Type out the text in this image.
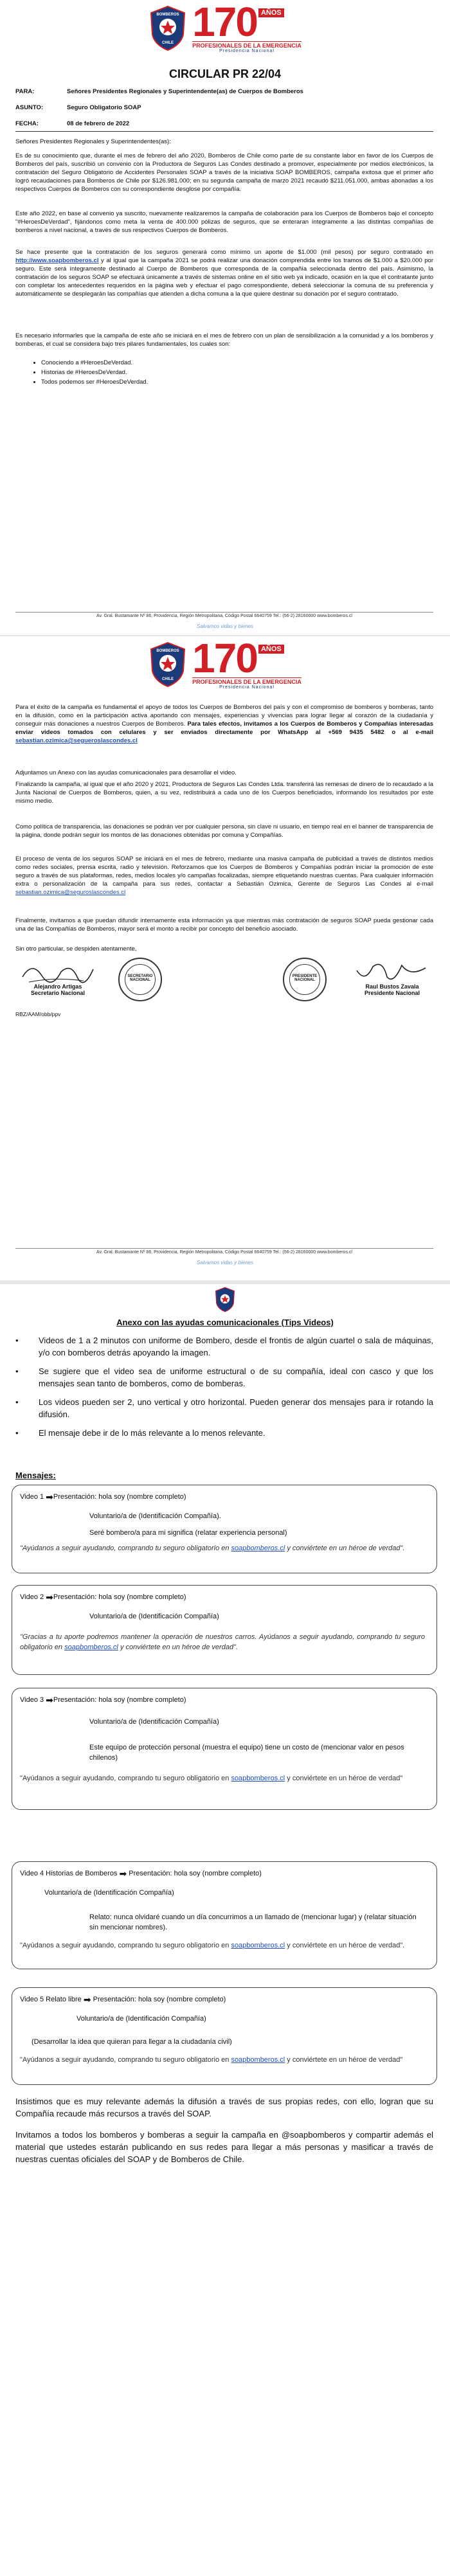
BOMBEROS
CHILE 170 $^{AÑOS}$
PROFESIONALES DE LA EMERGENCIA
Presidencia Nacional
CIRCULAR PR 22/04
PARA:	Señores Presidentes Regionales y Superintendente(as) de Cuerpos de Bomberos
ASUNTO:	Seguro Obligatorio SOAP
FECHA:	08 de febrero de 2022
Señores Presidentes Regionales y Superintendentes(as):
Es de su conocimiento que, durante el mes de febrero del año 2020, Bomberos de Chile como parte de su constante labor en favor de los Cuerpos de Bomberos del país, suscribió un convenio con la Productora de Seguros Las Condes destinado a promover, especialmente por medios electrónicos, la contratación del Seguro Obligatorio de Accidentes Personales SOAP a través de la iniciativa SOAP BOMBEROS, campaña exitosa que el primer año logró recaudaciones para Bomberos de Chile por $126.981.000; en su segunda campaña de marzo 2021 recaudó $211.051.000, ambas abonadas a los respectivos Cuerpos de Bomberos con su correspondiente desglose por compañía.
Este año 2022, en base al convenio ya suscrito, nuevamente realizaremos la campaña de colaboración para los Cuerpos de Bomberos bajo el concepto "#HeroesDeVerdad", fijándonos como meta la venta de 400.000 pólizas de seguros, que se enteraran íntegramente a las distintas compañías de bomberos a nivel nacional, a través de sus respectivos Cuerpos de Bomberos.
Se hace presente que la contratación de los seguros generará como mínimo un aporte de $1.000 (mil pesos) por seguro contratado en http://www.soapbomberos.cl y al igual que la campaña 2021 se podrá realizar una donación comprendida entre los tramos de $1.000 a $20.000 por seguro. Este será íntegramente destinado al Cuerpo de Bomberos que corresponda de la compañía seleccionada dentro del país. Asimismo, la contratación de los seguros SOAP se efectuará únicamente a través de sistemas online en el sitio web ya indicado, ocasión en la que el contratante junto con completar los antecedentes requeridos en la página web y efectuar el pago correspondiente, deberá seleccionar la comuna de su preferencia y automáticamente se desplegarán las compañías que atienden a dicha comuna a la que quiere destinar su donación por el seguro contratado.
Es necesario informarles que la campaña de este año se iniciará en el mes de febrero con un plan de sensibilización a la comunidad y a los bomberos y bomberas, el cual se considera bajo tres pilares fundamentales, los cuales son:
• Conociendo a #HeroesDeVerdad.
• Historias de #HeroesDeVerdad.
• Todos podemos ser #HeroesDeVerdad.
Av. Gral. Bustamante Nº 86, Providencia, Región Metropolitana, Código Postal 6640759 Tel.: (56-2) 28160000 www.bomberos.cl
Salvamos vidas y bienes
BOMBEROS
CHILE 170 $^{AÑOS}$
PROFESIONALES DE LA EMERGENCIA
Presidencia Nacional
Para el éxito de la campaña es fundamental el apoyo de todos los Cuerpos de Bomberos del país y con el compromiso de bomberos y bomberas, tanto en la difusión, como en la participación activa aportando con mensajes, experiencias y vivencias para lograr llegar al corazón de la ciudadanía y conseguir más donaciones a nuestros Cuerpos de Bomberos. Para tales efectos, invitamos a los Cuerpos de Bomberos y Compañías interesadas enviar videos tomados con celulares y ser enviados directamente por WhatsApp al +569 9435 5482 o al e-mail sebastian.ozimica@segueroslascondes.cl
Adjuntamos un Anexo con las ayudas comunicacionales para desarrollar el video.
Finalizando la campaña, al igual que el año 2020 y 2021, Productora de Seguros Las Condes Ltda. transferirá las remesas de dinero de lo recaudado a la Junta Nacional de Cuerpos de Bomberos, quien, a su vez, redistribuirá a cada uno de los Cuerpos beneficiados, informando los resultados por este mismo medio.
Como política de transparencia, las donaciones se podrán ver por cualquier persona, sin clave ni usuario, en tiempo real en el banner de transparencia de la página, donde podrán seguir los montos de las donaciones obtenidas por comuna y Compañías.
El proceso de venta de los seguros SOAP se iniciará en el mes de febrero, mediante una masiva campaña de publicidad a través de distintos medios como redes sociales, prensa escrita, radio y televisión. Reforzamos que los Cuerpos de Bomberos y Compañías podrán iniciar la promoción de este seguro a través de sus plataformas, redes, medios locales y/o campañas focalizadas, siempre etiquetando nuestras cuentas. Para cualquier información extra o personalización de la campaña para sus redes, contactar a Sebastián Ozimica, Gerente de Seguros Las Condes al e-mail sebastian.ozimica@seguroslascondes.cl
Finalmente, invitamos a que puedan difundir internamente esta información ya que mientras más contratación de seguros SOAP pueda gestionar cada una de las Compañías de Bomberos, mayor será el monto a recibir por concepto del beneficio asociado.
Sin otro particular, se despiden atentamente,
Alejandro Artigas
Secretario Nacional
SECRETARIO NACIONAL
PRESIDENTE NACIONAL
Raul Bustos Zavala
Presidente Nacional
RBZ/AAM/obb/ppv
Av. Gral. Bustamante Nº 86, Providencia, Región Metropolitana, Código Postal 6640759 Tel.: (56-2) 28160000 www.bomberos.cl
Salvamos vidas y bienes
Anexo con las ayudas comunicacionales (Tips Videos)
•	Videos de 1 a 2 minutos con uniforme de Bombero, desde el frontis de algún cuartel o sala de máquinas, y/o con bomberos detrás apoyando la imagen.
•	Se sugiere que el video sea de uniforme estructural o de su compañía, ideal con casco y que los mensajes sean tanto de bomberos, como de bomberas.
•	Los videos pueden ser 2, uno vertical y otro horizontal. Pueden generar dos mensajes para ir rotando la difusión.
•	El mensaje debe ir de lo más relevante a lo menos relevante.
Mensajes:
Video 1 ➡Presentación: hola soy (nombre completo)
Voluntario/a de (Identificación Compañía).
Seré bombero/a para mi significa (relatar experiencia personal)
"Ayúdanos a seguir ayudando, comprando tu seguro obligatorio en soapbomberos.cl y conviértete en un héroe de verdad".
Video 2 ➡Presentación: hola soy (nombre completo)
Voluntario/a de (Identificación Compañía)
"Gracias a tu aporte podremos mantener la operación de nuestros carros. Ayúdanos a seguir ayudando, comprando tu seguro obligatorio en soapbomberos.cl y conviértete en un héroe de verdad".
Video 3 ➡Presentación: hola soy (nombre completo)
Voluntario/a de (Identificación Compañía)
Este equipo de protección personal (muestra el equipo) tiene un costo de (mencionar valor en pesos chilenos)
"Ayúdanos a seguir ayudando, comprando tu seguro obligatorio en soapbomberos.cl y conviértete en un héroe de verdad"
Video 4 Historias de Bomberos ➡ Presentación: hola soy (nombre completo)
Voluntario/a de (Identificación Compañía)
Relato: nunca olvidaré cuando un día concurrimos a un llamado de (mencionar lugar) y (relatar situación sin mencionar nombres).
"Ayúdanos a seguir ayudando, comprando tu seguro obligatorio en soapbomberos.cl y conviértete en un héroe de verdad".
Video 5 Relato libre ➡ Presentación: hola soy (nombre completo)
Voluntario/a de (Identificación Compañía)
(Desarrollar la idea que quieran para llegar a la ciudadanía civil)
"Ayúdanos a seguir ayudando, comprando tu seguro obligatorio en soapbomberos.cl y conviértete en un héroe de verdad"
Insistimos que es muy relevante además la difusión a través de sus propias redes, con ello, logran que su Compañía recaude más recursos a través del SOAP.
Invitamos a todos los bomberos y bomberas a seguir la campaña en @soapbomberos y compartir además el material que ustedes estarán publicando en sus redes para llegar a más personas y masificar a través de nuestras cuentas oficiales del SOAP y de Bomberos de Chile.
